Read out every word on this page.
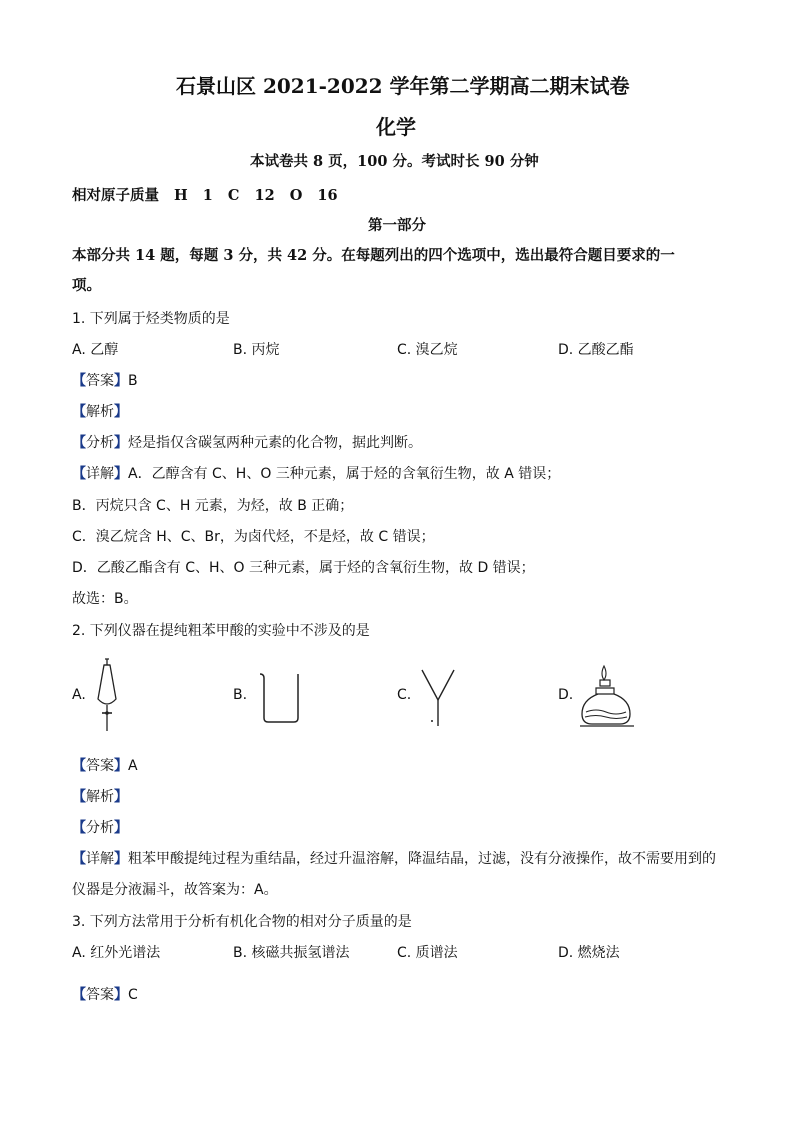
石景山区 2021-2022 学年第二学期高二期末试卷
化学
本试卷共 8 页，100 分。考试时长 90 分钟
相对原子质量 H 1 C 12 O 16
第一部分
本部分共 14 题，每题 3 分，共 42 分。在每题列出的四个选项中，选出最符合题目要求的一
项。
1. 下列属于烃类物质的是
A. 乙醇	B. 丙烷	C. 溴乙烷	D. 乙酸乙酯
【答案】B
【解析】
【分析】烃是指仅含碳氢两种元素的化合物，据此判断。
【详解】A．乙醇含有 C、H、O 三种元素，属于烃的含氧衍生物，故 A 错误；
B．丙烷只含 C、H 元素，为烃，故 B 正确；
C．溴乙烷含 H、C、Br，为卤代烃，不是烃，故 C 错误；
D．乙酸乙酯含有 C、H、O 三种元素，属于烃的含氧衍生物，故 D 错误；
故选：B。
2. 下列仪器在提纯粗苯甲酸的实验中不涉及的是
A.	B.	C.	D.
【答案】A
【解析】
【分析】
【详解】粗苯甲酸提纯过程为重结晶，经过升温溶解，降温结晶，过滤，没有分液操作，故不需要用到的
仪器是分液漏斗，故答案为：A。
3. 下列方法常用于分析有机化合物的相对分子质量的是
A. 红外光谱法	B. 核磁共振氢谱法	C. 质谱法	D. 燃烧法
【答案】C
